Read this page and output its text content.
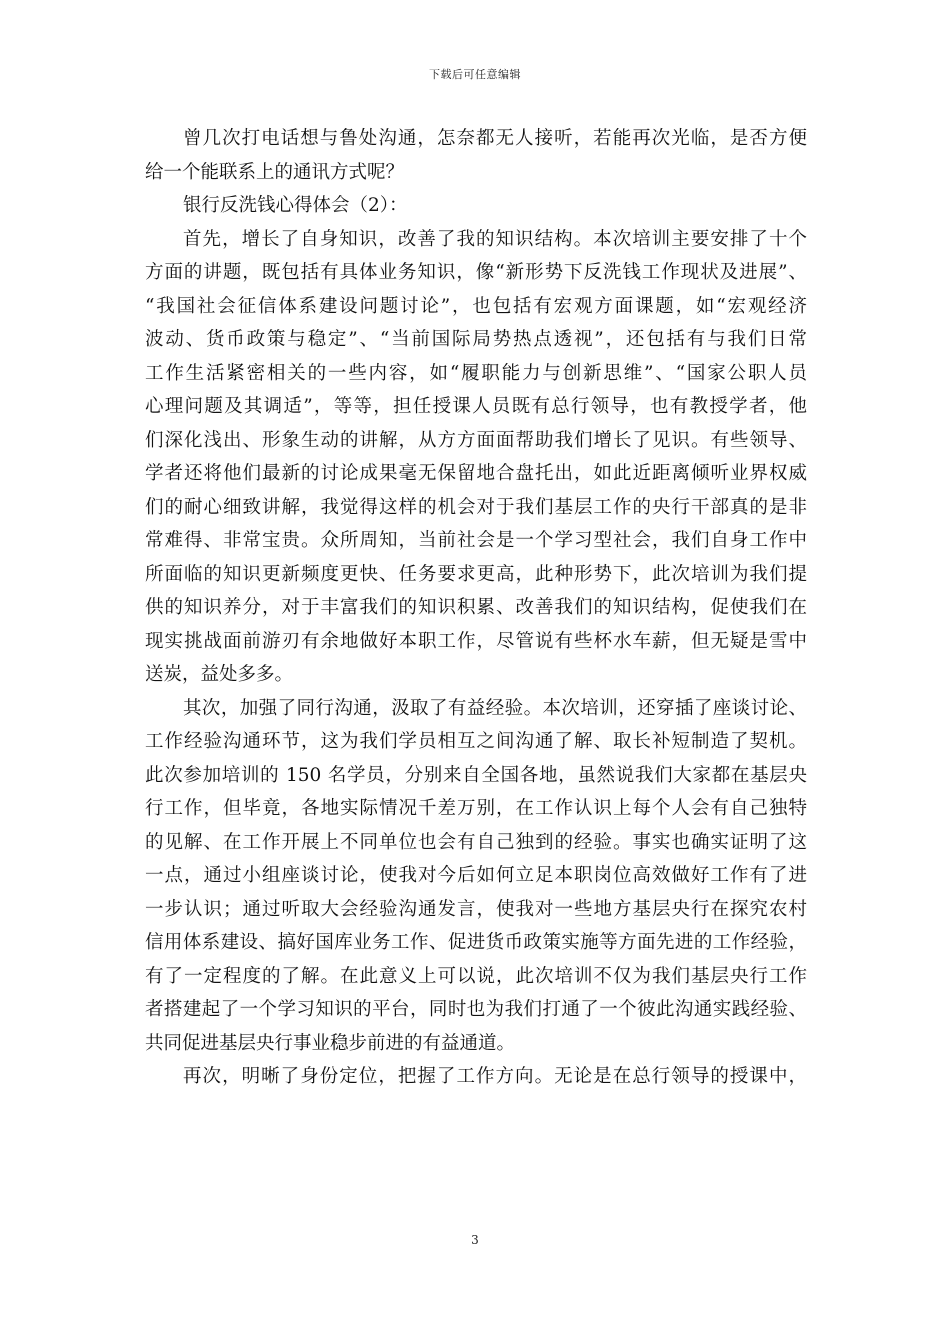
下载后可任意编辑
曾几次打电话想与鲁处沟通，怎奈都无人接听，若能再次光临，是否方便
给一个能联系上的通讯方式呢？
银行反洗钱心得体会（2）：
首先，增长了自身知识，改善了我的知识结构。本次培训主要安排了十个
方面的讲题，既包括有具体业务知识，像“新形势下反洗钱工作现状及进展”、
“我国社会征信体系建设问题讨论”，也包括有宏观方面课题，如“宏观经济
波动、货币政策与稳定”、“当前国际局势热点透视”，还包括有与我们日常
工作生活紧密相关的一些内容，如“履职能力与创新思维”、“国家公职人员
心理问题及其调适”，等等，担任授课人员既有总行领导，也有教授学者，他
们深化浅出、形象生动的讲解，从方方面面帮助我们增长了见识。有些领导、
学者还将他们最新的讨论成果毫无保留地合盘托出，如此近距离倾听业界权威
们的耐心细致讲解，我觉得这样的机会对于我们基层工作的央行干部真的是非
常难得、非常宝贵。众所周知，当前社会是一个学习型社会，我们自身工作中
所面临的知识更新频度更快、任务要求更高，此种形势下，此次培训为我们提
供的知识养分，对于丰富我们的知识积累、改善我们的知识结构，促使我们在
现实挑战面前游刃有余地做好本职工作，尽管说有些杯水车薪，但无疑是雪中
送炭，益处多多。
其次，加强了同行沟通，汲取了有益经验。本次培训，还穿插了座谈讨论、
工作经验沟通环节，这为我们学员相互之间沟通了解、取长补短制造了契机。
此次参加培训的 150 名学员，分别来自全国各地，虽然说我们大家都在基层央
行工作，但毕竟，各地实际情况千差万别，在工作认识上每个人会有自己独特
的见解、在工作开展上不同单位也会有自己独到的经验。事实也确实证明了这
一点，通过小组座谈讨论，使我对今后如何立足本职岗位高效做好工作有了进
一步认识；通过听取大会经验沟通发言，使我对一些地方基层央行在探究农村
信用体系建设、搞好国库业务工作、促进货币政策实施等方面先进的工作经验，
有了一定程度的了解。在此意义上可以说，此次培训不仅为我们基层央行工作
者搭建起了一个学习知识的平台，同时也为我们打通了一个彼此沟通实践经验、
共同促进基层央行事业稳步前进的有益通道。
再次，明晰了身份定位，把握了工作方向。无论是在总行领导的授课中，
3
